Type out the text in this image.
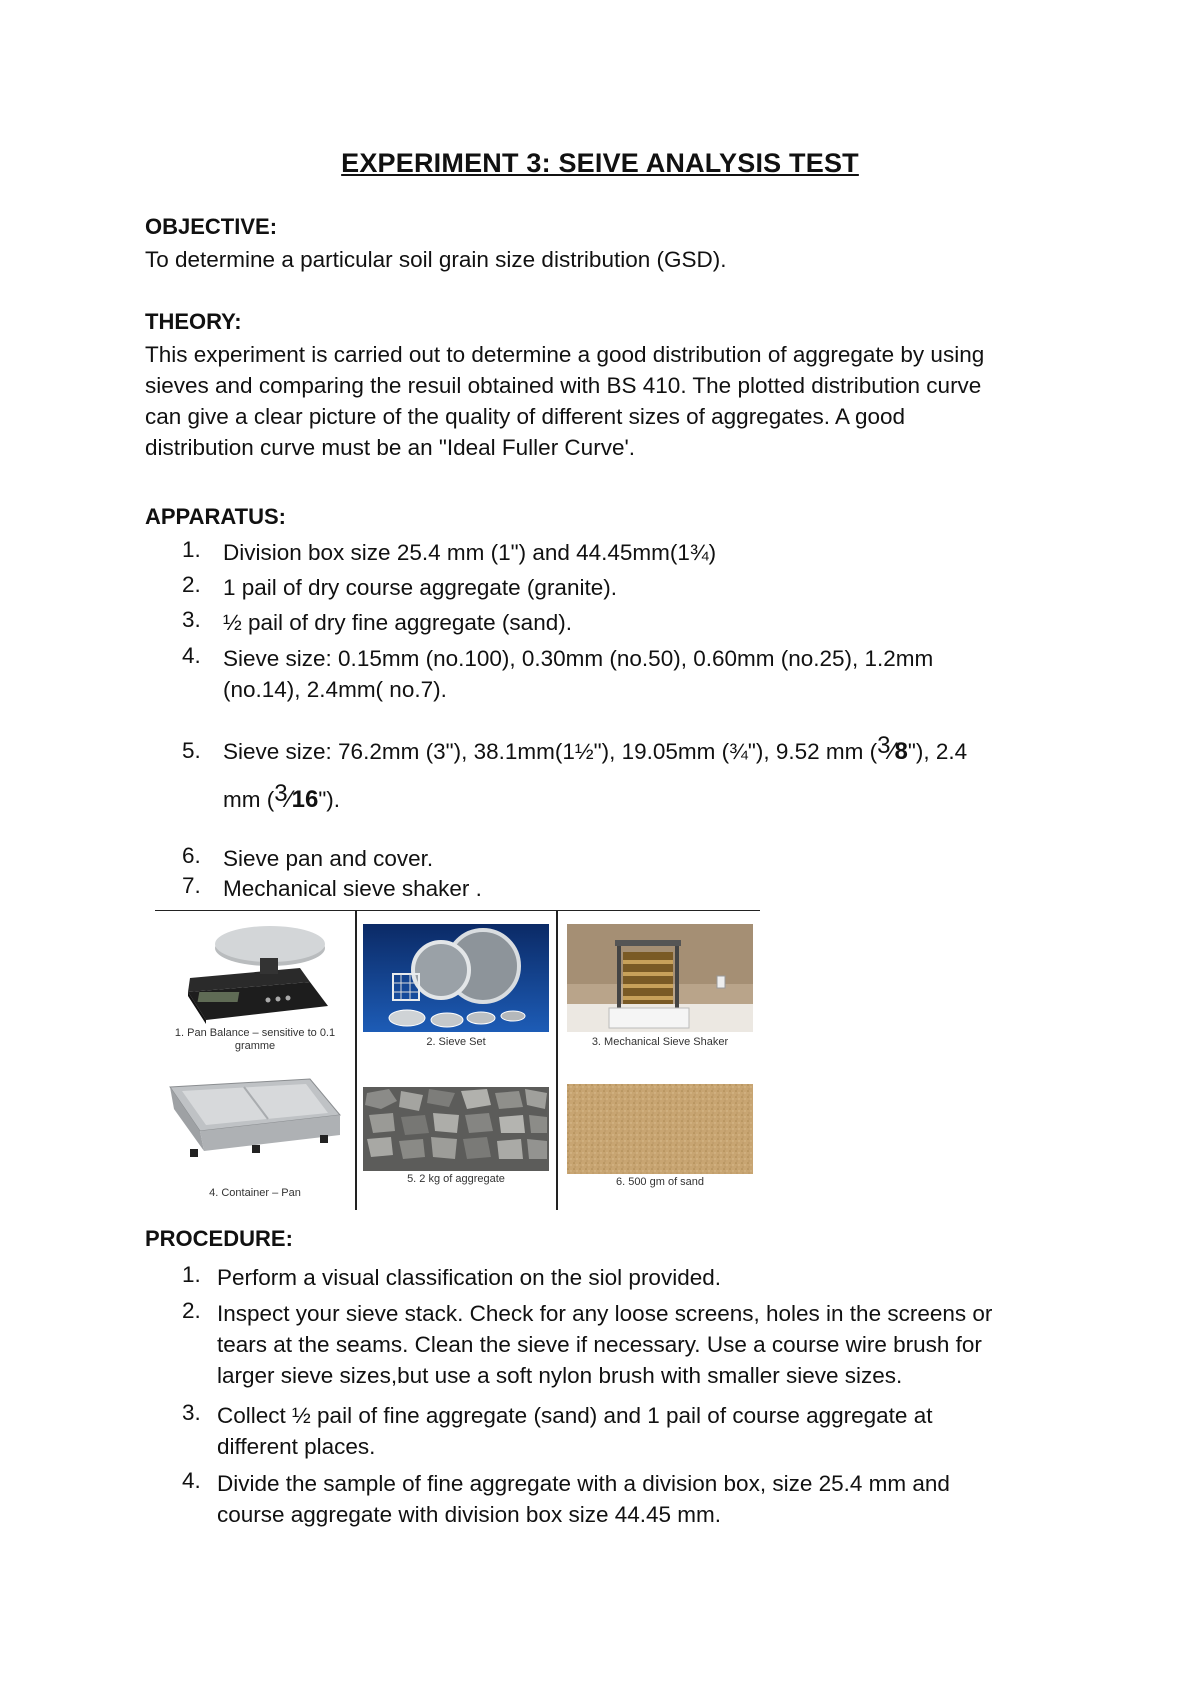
EXPERIMENT 3: SEIVE ANALYSIS TEST
OBJECTIVE:
To determine a particular soil grain size distribution (GSD).
THEORY:
This experiment is carried out to determine a good distribution of aggregate by using
sieves and comparing the resuil obtained with BS 410. The plotted distribution curve
can give a clear picture of the quality of different sizes of aggregates. A good
distribution curve must be an "Ideal Fuller Curve'.
APPARATUS:
1. Division box size 25.4 mm (1") and 44.45mm(1¾)
2. 1 pail of dry course aggregate (granite).
3. ½ pail of dry fine aggregate (sand).
4. Sieve size: 0.15mm (no.100), 0.30mm (no.50), 0.60mm (no.25), 1.2mm
(no.14), 2.4mm( no.7).
5. Sieve size: 76.2mm (3"), 38.1mm(1½"), 19.05mm (¾"), 9.52 mm ($^3$⁄8"), 2.4
mm ($^3$⁄16").
6. Sieve pan and cover.
7. Mechanical sieve shaker .
1. Pan Balance – sensitive to 0.1
gramme	2. Sieve Set	3. Mechanical Sieve Shaker
4. Container – Pan
5. 2 kg of aggregate	6. 500 gm of sand
PROCEDURE:
1. Perform a visual classification on the siol provided.
2. Inspect your sieve stack. Check for any loose screens, holes in the screens or
tears at the seams. Clean the sieve if necessary. Use a course wire brush for
larger sieve sizes,but use a soft nylon brush with smaller sieve sizes.
3. Collect ½ pail of fine aggregate (sand) and 1 pail of course aggregate at
different places.
4. Divide the sample of fine aggregate with a division box, size 25.4 mm and
course aggregate with division box size 44.45 mm.
